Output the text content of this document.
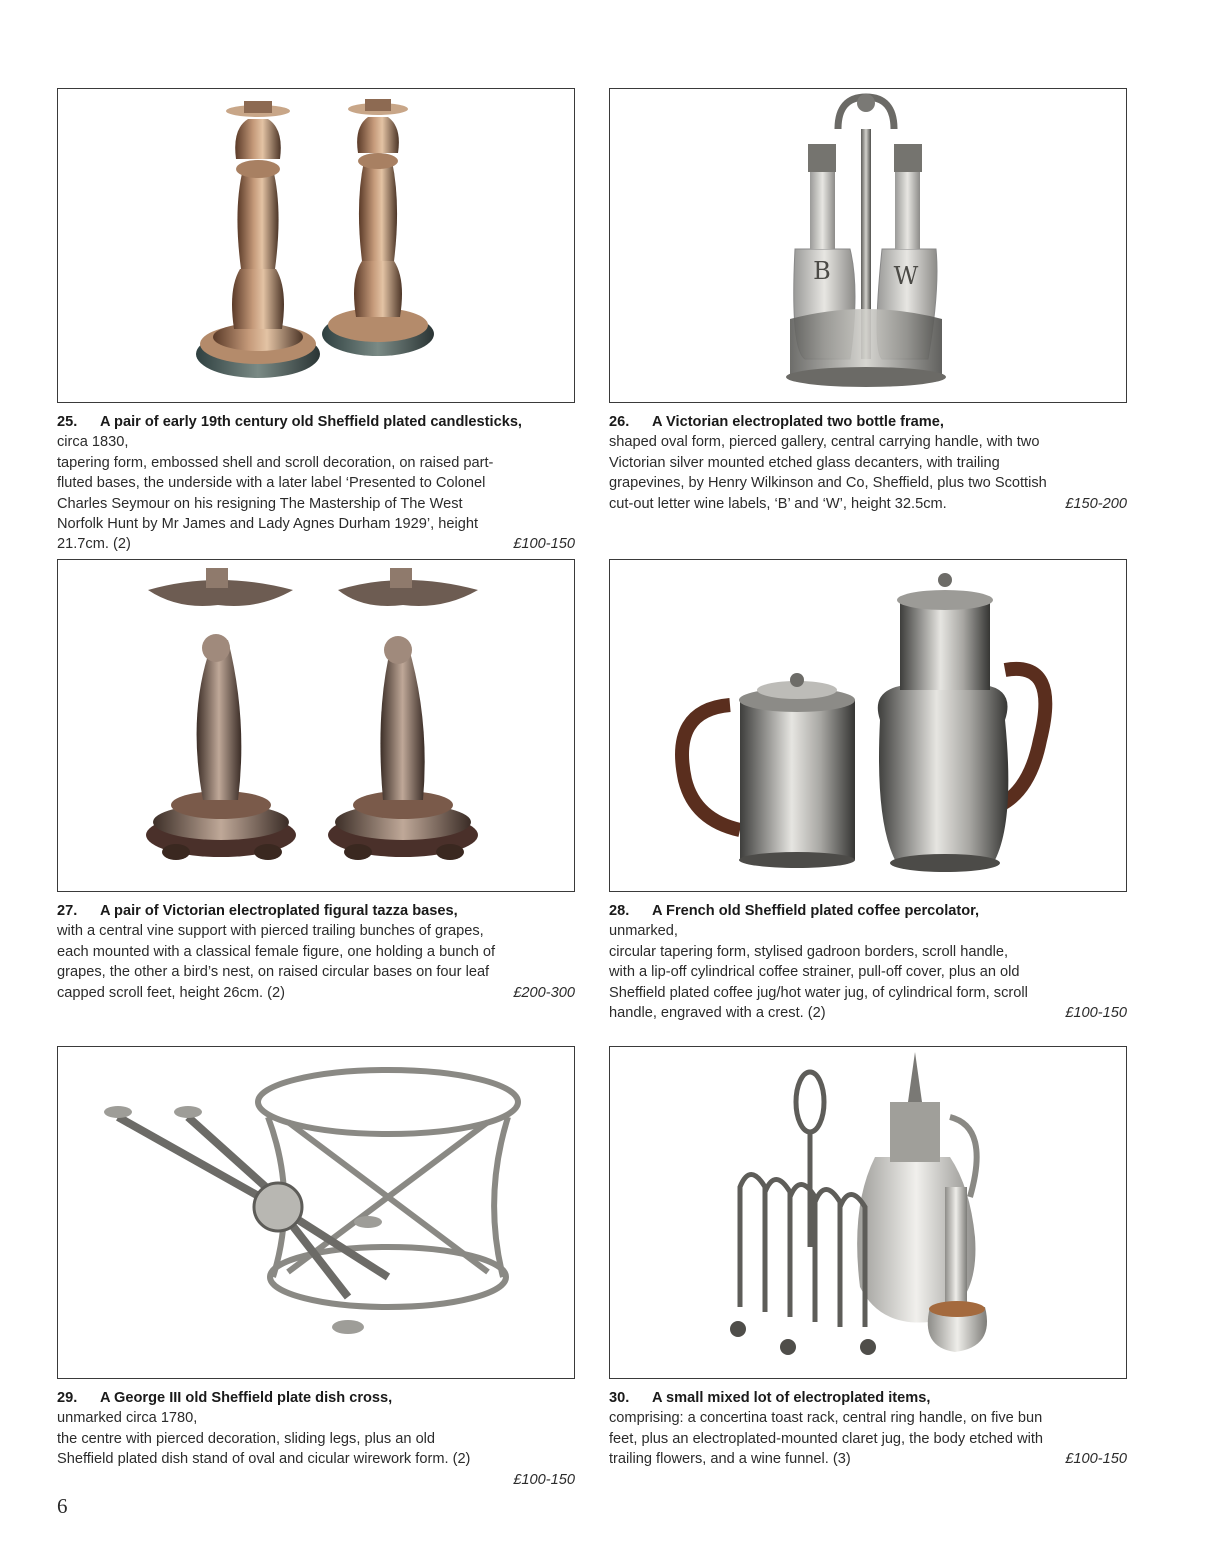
25. A pair of early 19th century old Sheffield plated candlesticks,
circa 1830,
tapering form, embossed shell and scroll decoration, on raised part-
fluted bases, the underside with a later label ‘Presented to Colonel
Charles Seymour on his resigning The Mastership of The West
Norfolk Hunt by Mr James and Lady Agnes Durham 1929’, height
21.7cm. (2)	£100-150
B	W
26. A Victorian electroplated two bottle frame,
shaped oval form, pierced gallery, central carrying handle, with two
Victorian silver mounted etched glass decanters, with trailing
grapevines, by Henry Wilkinson and Co, Sheffield, plus two Scottish
cut-out letter wine labels, ‘B’ and ‘W’, height 32.5cm.	£150-200
27. A pair of Victorian electroplated figural tazza bases,
with a central vine support with pierced trailing bunches of grapes,
each mounted with a classical female figure, one holding a bunch of
grapes, the other a bird’s nest, on raised circular bases on four leaf
capped scroll feet, height 26cm. (2)	£200-300
28. A French old Sheffield plated coffee percolator,
unmarked,
circular tapering form, stylised gadroon borders, scroll handle,
with a lip-off cylindrical coffee strainer, pull-off cover, plus an old
Sheffield plated coffee jug/hot water jug, of cylindrical form, scroll
handle, engraved with a crest. (2)	£100-150
29. A George III old Sheffield plate dish cross,
unmarked circa 1780,
the centre with pierced decoration, sliding legs, plus an old
Sheffield plated dish stand of oval and cicular wirework form. (2)
£100-150
30. A small mixed lot of electroplated items,
comprising: a concertina toast rack, central ring handle, on five bun
feet, plus an electroplated-mounted claret jug, the body etched with
trailing flowers, and a wine funnel. (3)	£100-150
6
